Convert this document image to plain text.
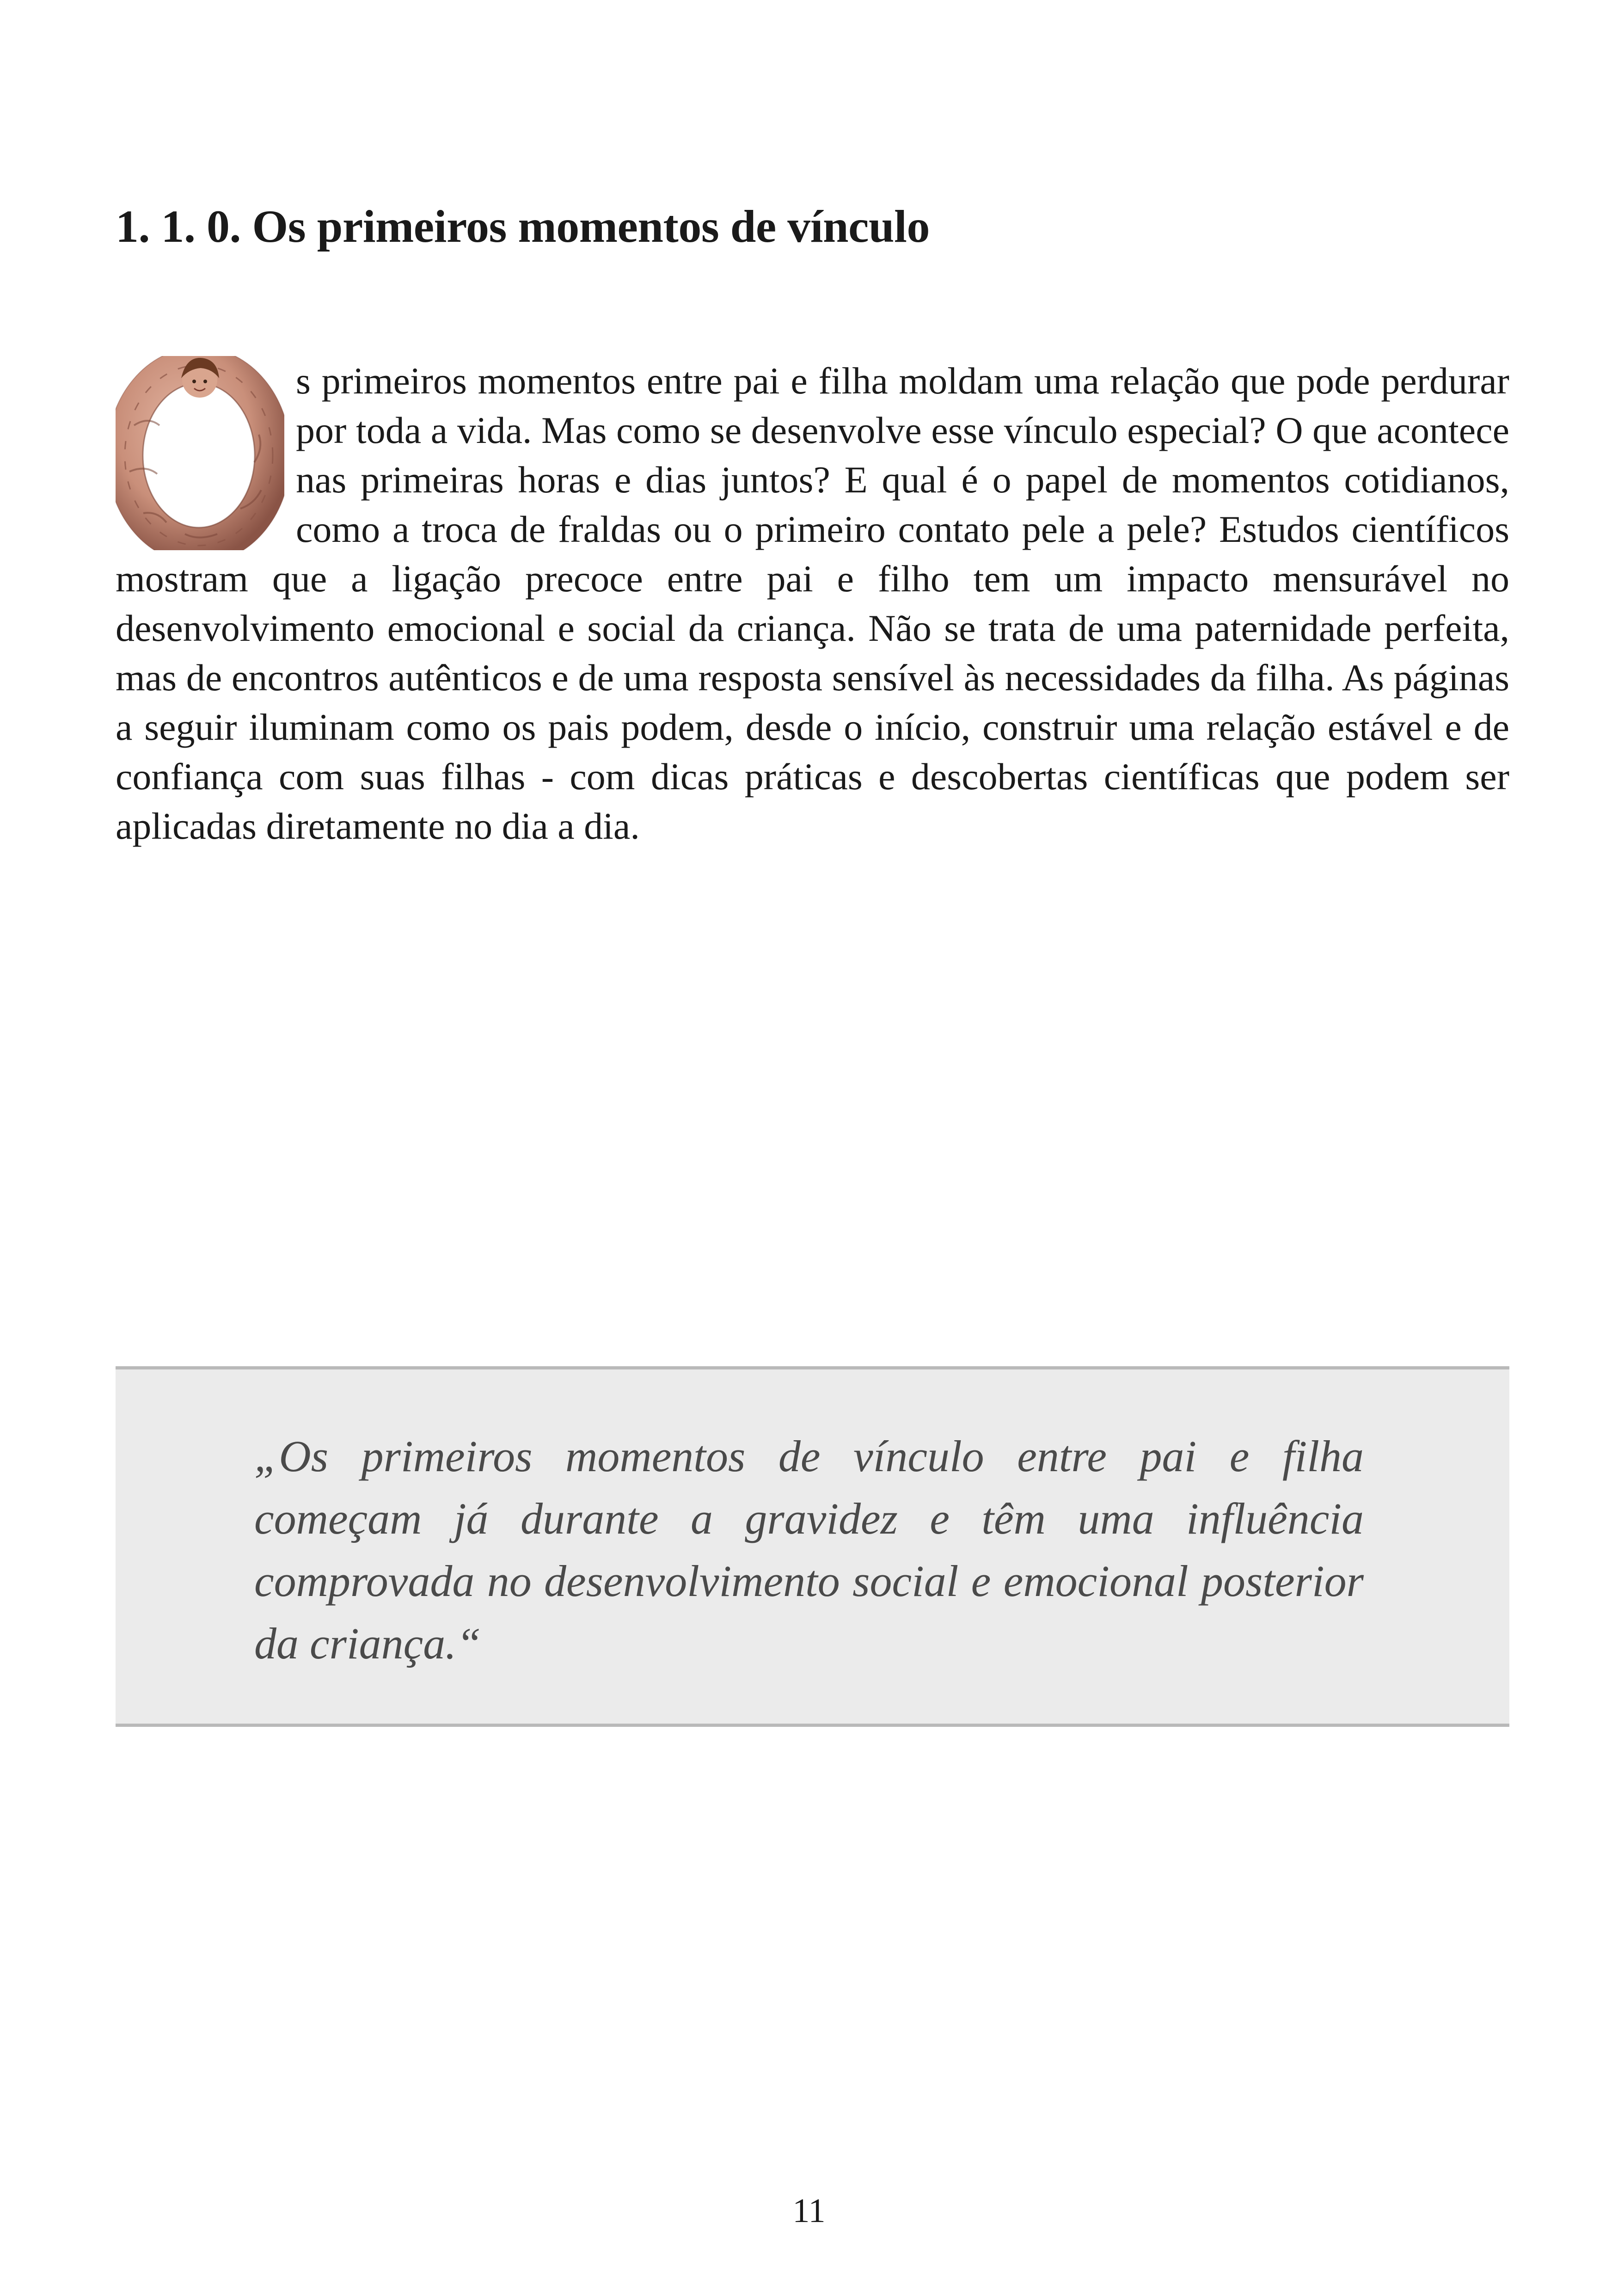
1. 1. 0. Os primeiros momentos de vínculo
s primeiros momentos entre pai e filha moldam uma relação que pode perdurar por toda a vida. Mas como se desenvolve esse vínculo especial? O que acontece nas primeiras horas e dias juntos? E qual é o papel de momentos cotidianos, como a troca de fraldas ou o primeiro contato pele a pele? Estudos científicos mostram que a ligação precoce entre pai e filho tem um impacto mensurável no desenvolvimento emocional e social da criança. Não se trata de uma paternidade perfeita, mas de encontros autênticos e de uma resposta sensível às necessidades da filha. As páginas a seguir iluminam como os pais podem, desde o início, construir uma relação estável e de confiança com suas filhas - com dicas práticas e descobertas científicas que podem ser aplicadas diretamente no dia a dia.

„Os primeiros momentos de vínculo entre pai e filha começam já durante a gravidez e têm uma influência comprovada no desenvolvimento social e emocional posterior da criança.“

11
